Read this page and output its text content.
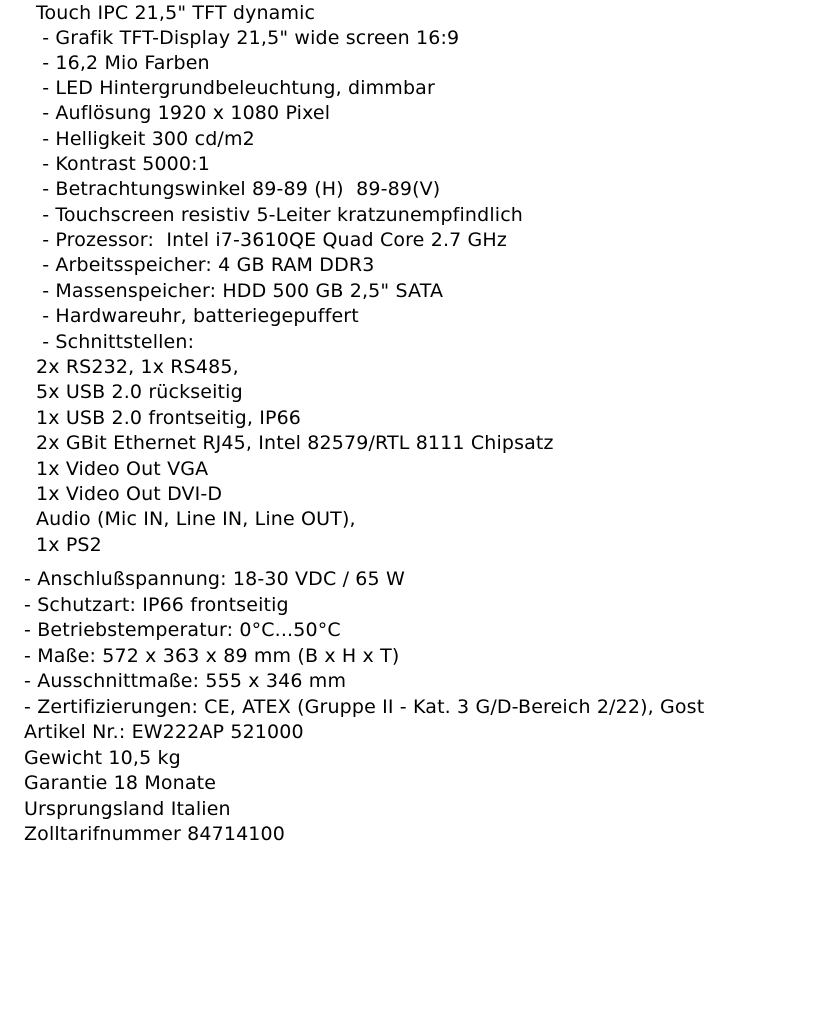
Touch IPC 21,5" TFT dynamic

- Grafik TFT-Display 21,5" wide screen 16:9

- 16,2 Mio Farben

- LED Hintergrundbeleuchtung, dimmbar

- Auflösung 1920 x 1080 Pixel

- Helligkeit 300 cd/m2

- Kontrast 5000:1

- Betrachtungswinkel 89-89 (H)  89-89(V)

- Touchscreen resistiv 5-Leiter kratzunempfindlich

- Prozessor:  Intel i7-3610QE Quad Core 2.7 GHz

- Arbeitsspeicher: 4 GB RAM DDR3

- Massenspeicher: HDD 500 GB 2,5" SATA

- Hardwareuhr, batteriegepuffert

- Schnittstellen:

2x RS232, 1x RS485,

5x USB 2.0 rückseitig

1x USB 2.0 frontseitig, IP66

2x GBit Ethernet RJ45, Intel 82579/RTL 8111 Chipsatz

1x Video Out VGA

1x Video Out DVI-D

Audio (Mic IN, Line IN, Line OUT),

1x PS2

- Anschlußspannung: 18-30 VDC / 65 W

- Schutzart: IP66 frontseitig

- Betriebstemperatur: 0°C...50°C

- Maße: 572 x 363 x 89 mm (B x H x T)

- Ausschnittmaße: 555 x 346 mm

- Zertifizierungen: CE, ATEX (Gruppe II - Kat. 3 G/D-Bereich 2/22), Gost

Artikel Nr.: EW222AP 521000

Gewicht 10,5 kg

Garantie 18 Monate

Ursprungsland Italien

Zolltarifnummer 84714100
